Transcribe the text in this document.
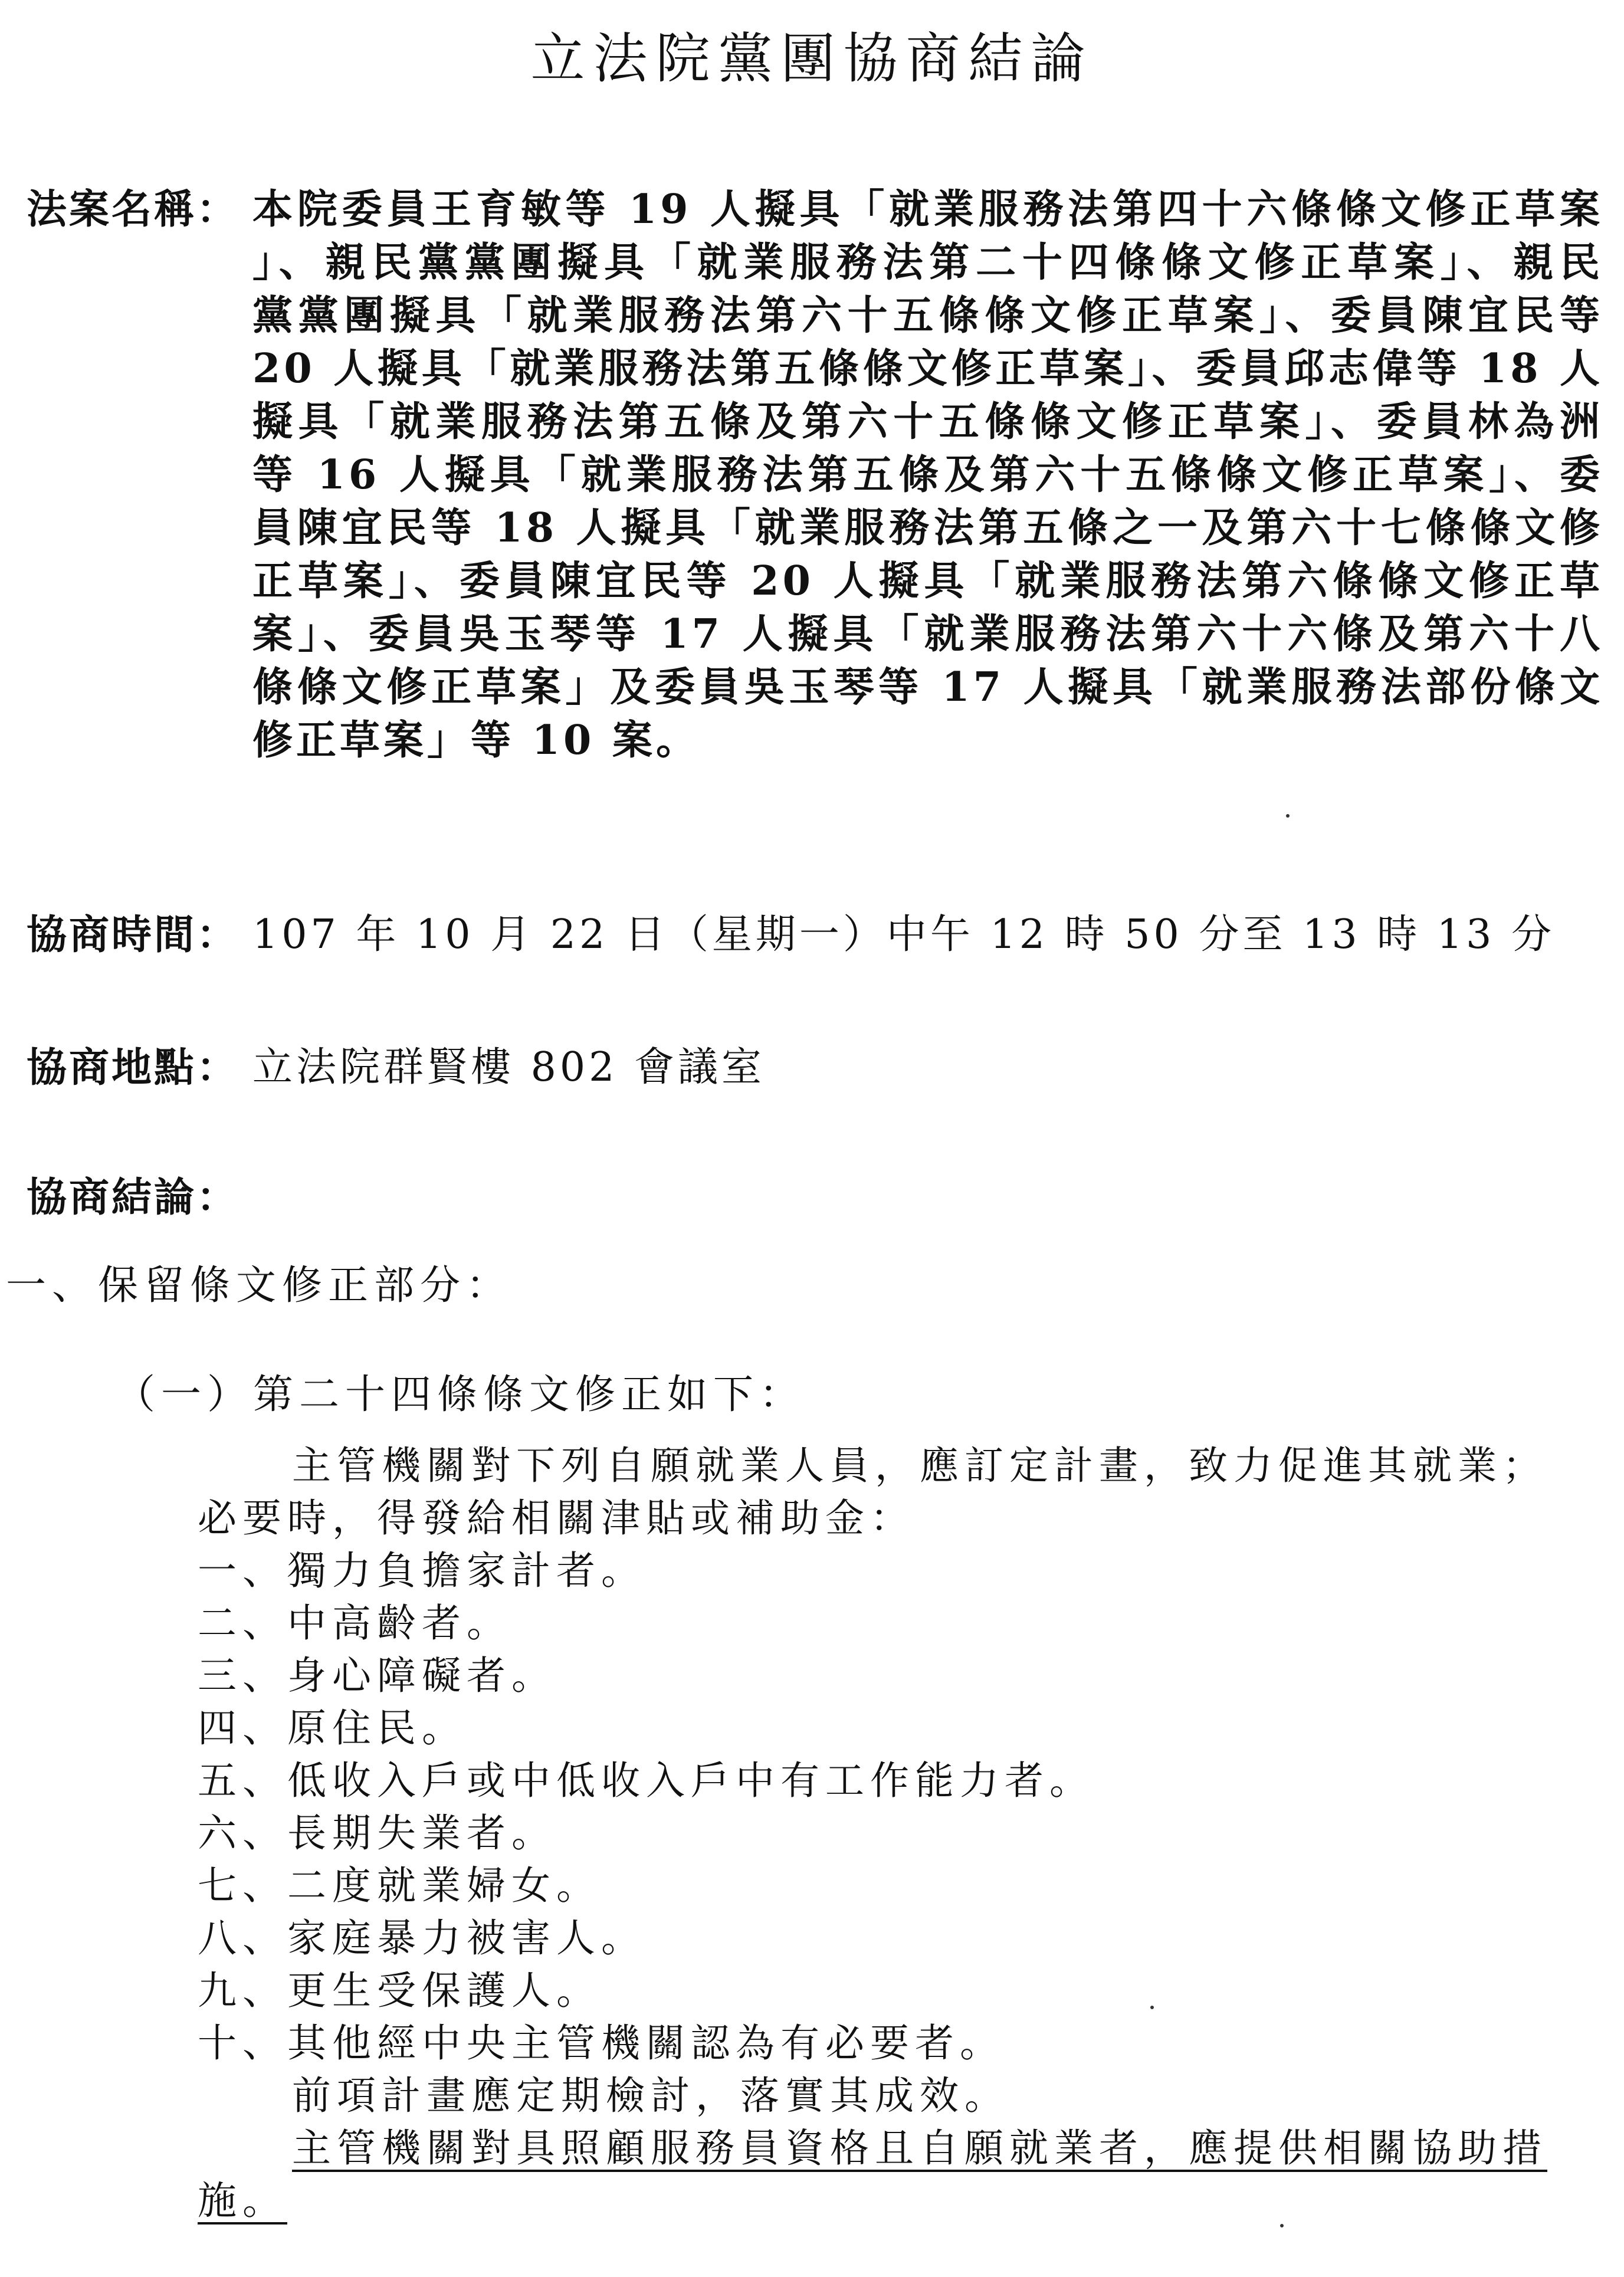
立法院黨團協商結論
法案名稱： 本院委員王育敏等 19 人擬具「就業服務法第四十六條條文修正草案
」、親民黨黨團擬具「就業服務法第二十四條條文修正草案」、親民
黨黨團擬具「就業服務法第六十五條條文修正草案」、委員陳宜民等
20 人擬具「就業服務法第五條條文修正草案」、委員邱志偉等 18 人
擬具「就業服務法第五條及第六十五條條文修正草案」、委員林為洲
等 16 人擬具「就業服務法第五條及第六十五條條文修正草案」、委
員陳宜民等 18 人擬具「就業服務法第五條之一及第六十七條條文修
正草案」、委員陳宜民等 20 人擬具「就業服務法第六條條文修正草
案」、委員吳玉琴等 17 人擬具「就業服務法第六十六條及第六十八
條條文修正草案」及委員吳玉琴等 17 人擬具「就業服務法部份條文
修正草案」等 10 案。
協商時間： 107 年 10 月 22 日（星期一）中午 12 時 50 分至 13 時 13 分
協商地點： 立法院群賢樓 802 會議室
協商結論：
一、保留條文修正部分：
（一）第二十四條條文修正如下：
主管機關對下列自願就業人員，應訂定計畫，致力促進其就業；
必要時，得發給相關津貼或補助金：
一、獨力負擔家計者。
二、中高齡者。
三、身心障礙者。
四、原住民。
五、低收入戶或中低收入戶中有工作能力者。
六、長期失業者。
七、二度就業婦女。
八、家庭暴力被害人。
九、更生受保護人。
十、其他經中央主管機關認為有必要者。
前項計畫應定期檢討，落實其成效。
主管機關對具照顧服務員資格且自願就業者，應提供相關協助措
施。
